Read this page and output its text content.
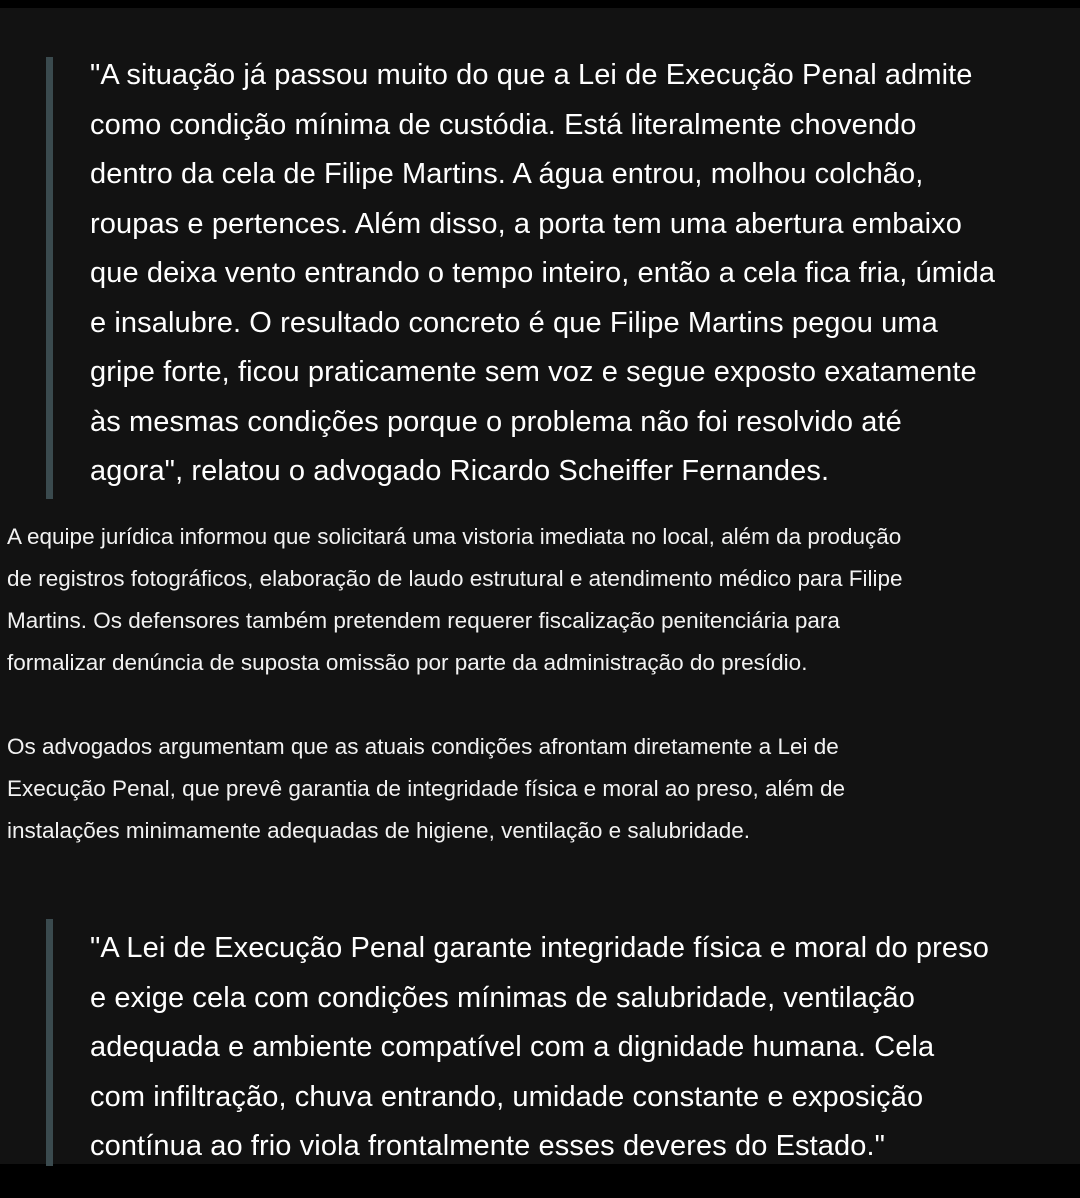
"A situação já passou muito do que a Lei de Execução Penal admite
como condição mínima de custódia. Está literalmente chovendo
dentro da cela de Filipe Martins. A água entrou, molhou colchão,
roupas e pertences. Além disso, a porta tem uma abertura embaixo
que deixa vento entrando o tempo inteiro, então a cela fica fria, úmida
e insalubre. O resultado concreto é que Filipe Martins pegou uma
gripe forte, ficou praticamente sem voz e segue exposto exatamente
às mesmas condições porque o problema não foi resolvido até
agora", relatou o advogado Ricardo Scheiffer Fernandes.

A equipe jurídica informou que solicitará uma vistoria imediata no local, além da produção
de registros fotográficos, elaboração de laudo estrutural e atendimento médico para Filipe
Martins. Os defensores também pretendem requerer fiscalização penitenciária para
formalizar denúncia de suposta omissão por parte da administração do presídio.

Os advogados argumentam que as atuais condições afrontam diretamente a Lei de
Execução Penal, que prevê garantia de integridade física e moral ao preso, além de
instalações minimamente adequadas de higiene, ventilação e salubridade.

"A Lei de Execução Penal garante integridade física e moral do preso
e exige cela com condições mínimas de salubridade, ventilação
adequada e ambiente compatível com a dignidade humana. Cela
com infiltração, chuva entrando, umidade constante e exposição
contínua ao frio viola frontalmente esses deveres do Estado."
